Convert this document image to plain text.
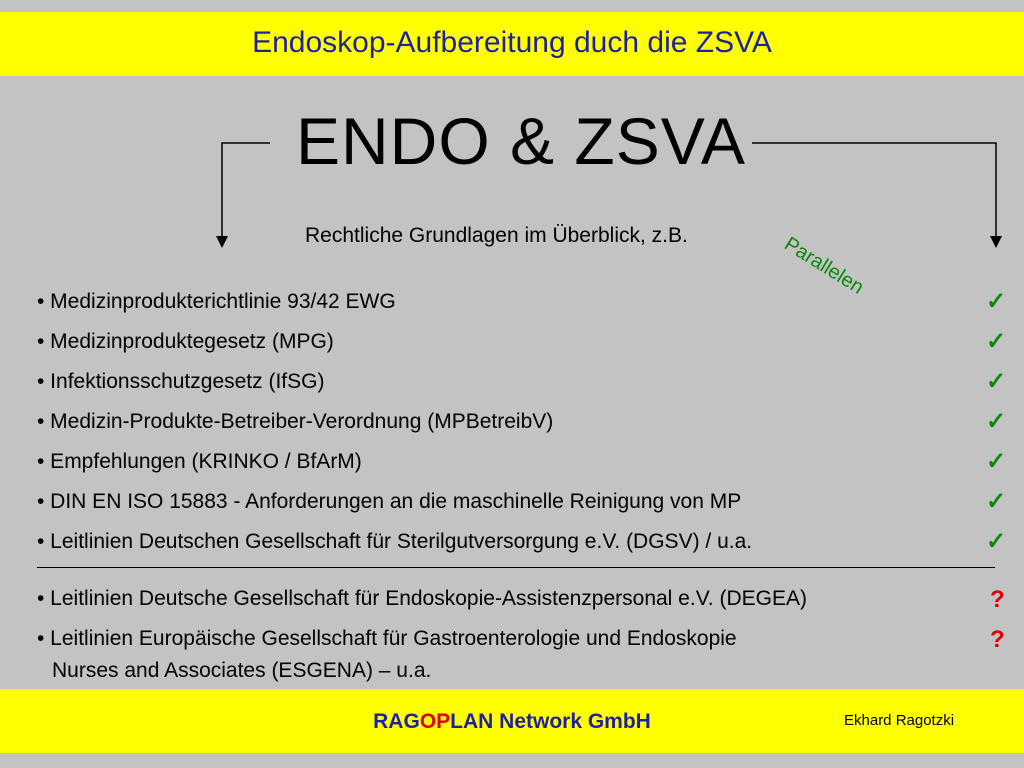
Endoskop-Aufbereitung duch die ZSVA
ENDO & ZSVA
Rechtliche Grundlagen im Überblick, z.B.	Parallelen
• Medizinprodukterichtlinie 93/42 EWG	✓
• Medizinproduktegesetz (MPG)	✓
• Infektionsschutzgesetz (IfSG)	✓
• Medizin-Produkte-Betreiber-Verordnung (MPBetreibV)	✓
• Empfehlungen (KRINKO / BfArM)	✓
• DIN EN ISO 15883 - Anforderungen an die maschinelle Reinigung von MP	✓
• Leitlinien Deutschen Gesellschaft für Sterilgutversorgung e.V. (DGSV) / u.a.	✓
• Leitlinien Deutsche Gesellschaft für Endoskopie-Assistenzpersonal e.V. (DEGEA)	?
• Leitlinien Europäische Gesellschaft für Gastroenterologie und Endoskopie
Nurses and Associates (ESGENA) – u.a.
?
RAGOPLAN Network GmbH	Ekhard Ragotzki
